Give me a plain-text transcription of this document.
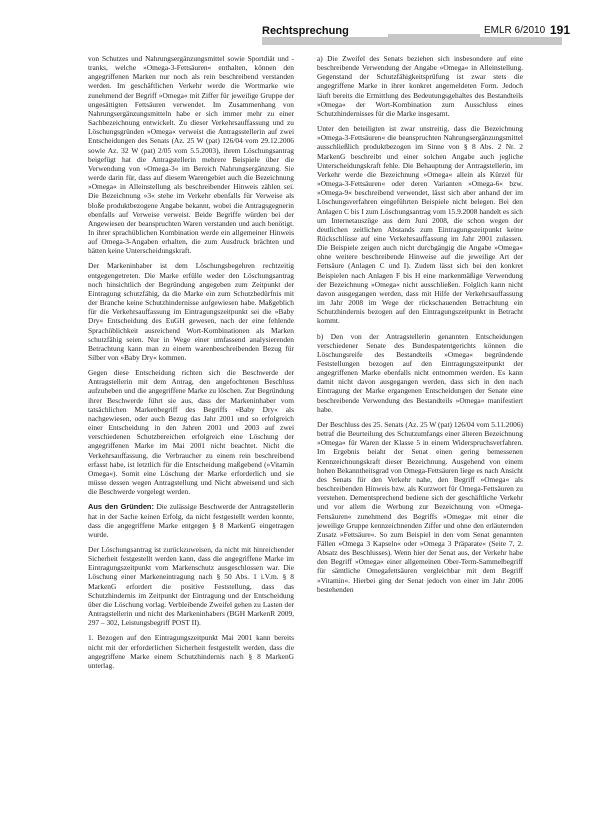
Rechtsprechung	EMLR 6/2010 191

von Schutzes und Nahrungsergänzungsmittel sowie Sportdiät und -tranks, welche »Omega-3-Fettsäuren« enthalten, können den angegriffenen Marken nur noch als rein beschreibend verstanden werden. Im geschäftlichen Verkehr werde die Wortmarke wie zunehmend der Begriff »Omega« mit Ziffer für jeweilige Gruppe der ungesättigten Fettsäuren verwendet. Im Zusammenhang von Nahrungsergänzungsmitteln habe er sich immer mehr zu einer Sachbezeichnung entwickelt. Zu dieser Verkehrsauffassung und zu Löschungsgründen »Omega« verweist die Antragsstellerin auf zwei Entscheidungen des Senats (Az. 25 W (pat) 126/04 vom 29.12.2006 sowie Az. 32 W (pat) 2/05 vom 5.5.2003), ihrem Löschungsantrag beigefügt hat die Antragstellerin mehrere Beispiele über die Verwendung von »Omega-3« im Bereich Nahrungsergänzung. Sie werde darin für, dass auf diesem Warengebiet auch die Bezeichnung »Omega« in Alleinstellung als beschreibender Hinweis zählen sei. Die Bezeichnung »3« stehe im Verkehr ebenfalls für Verweise als bloße produktbezogene Angabe bekannt, wobei die Antragsgegnerin ebenfalls auf Verweise verweist. Beide Begriffe würden bei der Angewiesen der beanspruchten Waren verstanden und auch benötigt. In ihrer sprachüblichen Kombination werde ein allgemeiner Hinweis auf Omega-3-Angaben erhalten, die zum Ausdruck brächten und hätten keine Unterscheidungskraft.

Der Markeninhaber ist dem Löschungsbegehren rechtzeitig entgegengetreten. Die Marke erfülle weder den Löschungsantrag noch hinsichtlich der Begründung angegeben zum Zeitpunkt der Eintragung schutzfähig, da die Marke ein zum Schutzbedürfnis mit der Branche keine Schutzhindernisse aufgewiesen habe. Maßgeblich für die Verkehrsauffassung im Eintragungszeitpunkt sei die »Baby Dry« Entscheidung des EuGH gewesen, nach der eine fehlende Sprachüblichkeit ausreichend Wort-Kombinationen als Marken schutzfähig seien. Nur in Wege einer umfassend analysierenden Betrachtung kann man zu einem warenbeschreibenden Bezug für Silber von »Baby Dry« kommen.

Gegen diese Entscheidung richten sich die Beschwerde der Antragstellerin mit dem Antrag, den angefochtenen Beschluss aufzuheben und die angegriffene Marke zu löschen. Zur Begründung ihrer Beschwerde führt sie aus, dass der Markeninhaber vom tatsächlichen Markenbegriff des Begriffs »Baby Dry« als nachgewiesen, oder auch Bezug das Jahr 2001 und so erfolgreich einer Entscheidung in den Jahren 2001 und 2003 auf zwei verschiedenen Schutzbereichen erfolgreich eine Löschung der angegriffenen Marke im Mai 2001 nicht beachtet. Nicht die Verkehrsauffassung, die Verbraucher zu einem rein beschreibend erfasst habe, ist letztlich für die Entscheidung maßgebend (»Vitamin Omega«). Somit eine Löschung der Marke erforderlich und sie müsse dessen wegen Antragstellung und Nicht abweisend und sich die Beschwerde vorgelegt werden.

Aus den Gründen: Die zulässige Beschwerde der Antragstellerin hat in der Sache keinen Erfolg, da nicht festgestellt werden konnte, dass die angegriffene Marke entgegen § 8 MarkenG eingetragen wurde.

Der Löschungsantrag ist zurückzuweisen, da nicht mit hinreichender Sicherheit festgestellt werden kann, dass die angegriffene Marke im Eintragungszeitpunkt vom Markenschutz ausgeschlossen war. Die Löschung einer Markeneintragung nach § 50 Abs. 1 i.V.m. § 8 MarkenG erfordert die positive Feststellung, dass das Schutzhindernis im Zeitpunkt der Eintragung und der Entscheidung über die Löschung vorlag. Verbleibende Zweifel gehen zu Lasten der Antragstellerin und nicht des Markeninhabers (BGH MarkenR 2009, 297 – 302, Leistungsbegriff POST II).

1. Bezogen auf den Eintragungszeitpunkt Mai 2001 kann bereits nicht mit der erforderlichen Sicherheit festgestellt werden, dass die angegriffene Marke einem Schutzhindernis nach § 8 MarkenG unterlag.

a) Die Zweifel des Senats beziehen sich insbesondere auf eine beschreibende Verwendung der Angabe »Omega« in Alleinstellung. Gegenstand der Schutzfähigkeitsprüfung ist zwar stets die angegriffene Marke in ihrer konkret angemeldeten Form. Jedoch läuft bereits die Ermittlung des Bedeutungsgehaltes des Bestandteils »Omega« der Wort-Kombination zum Ausschluss eines Schutzhindernisses für die Marke insgesamt.

Unter den beteiligten ist zwar unstreitig, dass die Bezeichnung »Omega-3-Fettsäuren« die beanspruchten Nahrungsergänzungsmittel ausschließlich produktbezogen im Sinne von § 8 Abs. 2 Nr. 2 MarkenG beschreibt und einer solchen Angabe auch jegliche Unterscheidungskraft fehle. Die Behauptung der Antragstellerin, im Verkehr werde die Bezeichnung »Omega« allein als Kürzel für »Omega-3-Fettsäuren« oder deren Varianten »Omega-6« bzw. »Omega-9« beschreibend verwendet, lässt sich aber anhand der im Löschungsverfahren eingeführten Beispiele nicht belegen. Bei den Anlagen C bis I zum Löschungsantrag vom 15.9.2008 handelt es sich um Internetauszüge aus dem Juni 2008, die schon wegen der deutlichen zeitlichen Abstands zum Eintragungszeitpunkt keine Rückschlüsse auf eine Verkehrsauffassung im Jahr 2001 zulassen. Die Beispiele zeigen auch nicht durchgängig die Angabe »Omega« ohne weitere beschreibende Hinweise auf die jeweilige Art der Fettsäure (Anlagen C und I). Zudem lässt sich bei den konkret Beispielen nach Anlagen F bis H eine markenmäßige Verwendung der Bezeichnung »Omega« nicht ausschließen. Folglich kann nicht davon ausgegangen werden, dass mit Hilfe der Verkehrsauffassung im Jahr 2008 im Wege der rückschauenden Betrachtung ein Schutzhindernis bezogen auf den Eintragungszeitpunkt in Betracht kommt.

b) Den von der Antragstellerin genannten Entscheidungen verschiedener Senate des Bundespatentgerichts können die Löschungsreife des Bestandteils »Omega« begründende Feststellungen bezogen auf den Eintragungszeitpunkt der angegriffenen Marke ebenfalls nicht entnommen werden. Es kann damit nicht davon ausgegangen werden, dass sich in den nach Eintragung der Marke ergangenen Entscheidungen der Senate eine beschreibende Verwendung des Bestandteils »Omega« manifestiert habe.

Der Beschluss des 25. Senats (Az. 25 W (pat) 126/04 vom 5.11.2006) betraf die Beurteilung des Schutzumfangs einer älteren Bezeichnung »Omega« für Waren der Klasse 5 in einem Widerspruchsverfahren. Im Ergebnis beiaht der Senat einen gering bemessenen Kennzeichnungskraft dieser Bezeichnung. Ausgehend von einem hohen Bekanntheitsgrad von Omega-Fettsäuren liege es nach Ansicht des Senats für den Verkehr nahe, den Begriff »Omega« als beschreibenden Hinweis bzw. als Kurzwort für Omega-Fettsäuren zu verstehen. Dementsprechend bediene sich der geschäftliche Verkehr und vor allem die Werbung zur Bezeichnung von »Omega-Fettsäuren« zunehmend des Begriffs »Omega« mit einer die jeweilige Gruppe kennzeichnenden Ziffer und ohne den erläuternden Zusatz »Fettsäure«. So zum Beispiel in den vom Senat genannten Fällen »Omega 3 Kapseln« oder »Omega 3 Präparate« (Seite 7, 2. Absatz des Beschlusses). Wenn hier der Senat aus, der Verkehr habe den Begriff »Omega« einer allgemeinen Ober-Term-Sammelbegriff für sämtliche Omegafettsäuren vergleichbar mit dem Begriff »Vitamin«. Hierbei ging der Senat jedoch von einer im Jahr 2006 bestehenden
